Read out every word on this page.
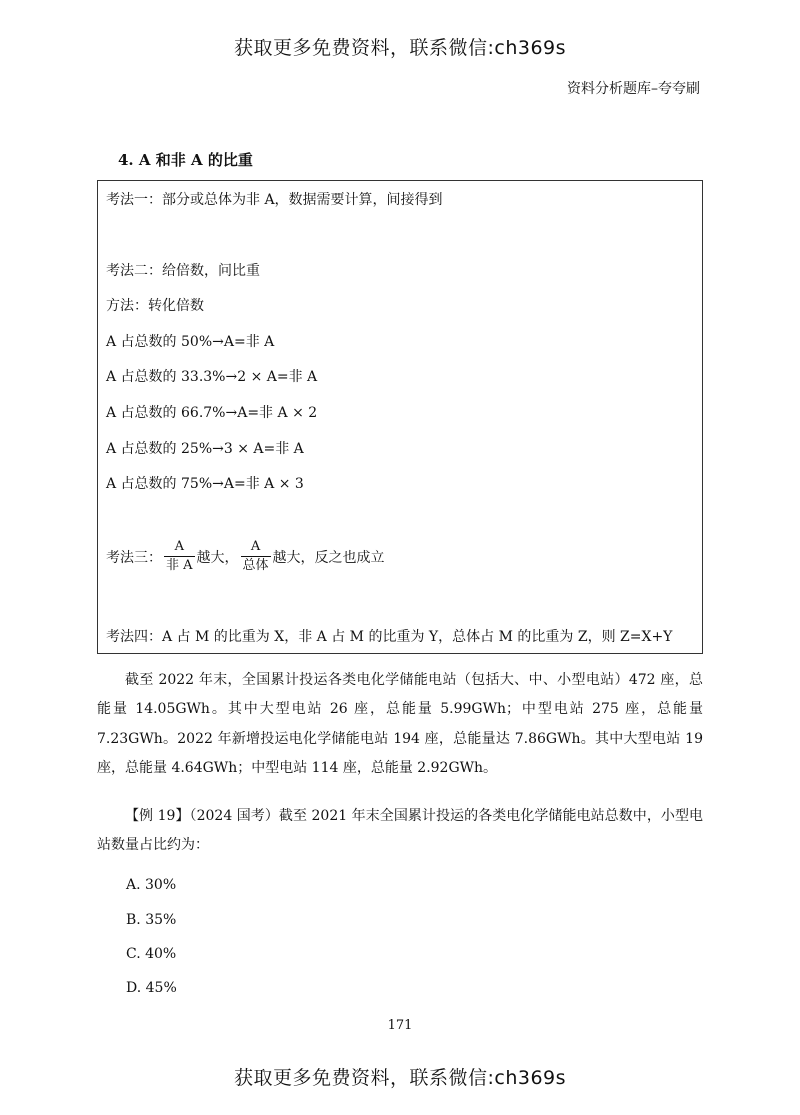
获取更多免费资料，联系微信:ch369s
资料分析题库–夸夸刷
4. A 和非 A 的比重
考法一：部分或总体为非 A，数据需要计算，间接得到
考法二：给倍数，问比重
方法：转化倍数
A 占总数的 50%→A=非 A
A 占总数的 33.3%→2 × A=非 A
A 占总数的 66.7%→A=非 A × 2
A 占总数的 25%→3 × A=非 A
A 占总数的 75%→A=非 A × 3
考法三： $\frac{A}{\text{非 A}}$ 越大， $\frac{A}{\text{总体}}$ 越大，反之也成立
考法四：A 占 M 的比重为 X，非 A 占 M 的比重为 Y，总体占 M 的比重为 Z，则 Z=X+Y

截至 2022 年末，全国累计投运各类电化学储能电站（包括大、中、小型电站）472 座，总能量 14.05GWh。其中大型电站 26 座，总能量 5.99GWh；中型电站 275 座，总能量 7.23GWh。2022 年新增投运电化学储能电站 194 座，总能量达 7.86GWh。其中大型电站 19 座，总能量 4.64GWh；中型电站 114 座，总能量 2.92GWh。

【例 19】（2024 国考）截至 2021 年末全国累计投运的各类电化学储能电站总数中，小型电站数量占比约为：

A. 30%
B. 35%
C. 40%
D. 45%
171
获取更多免费资料，联系微信:ch369s
